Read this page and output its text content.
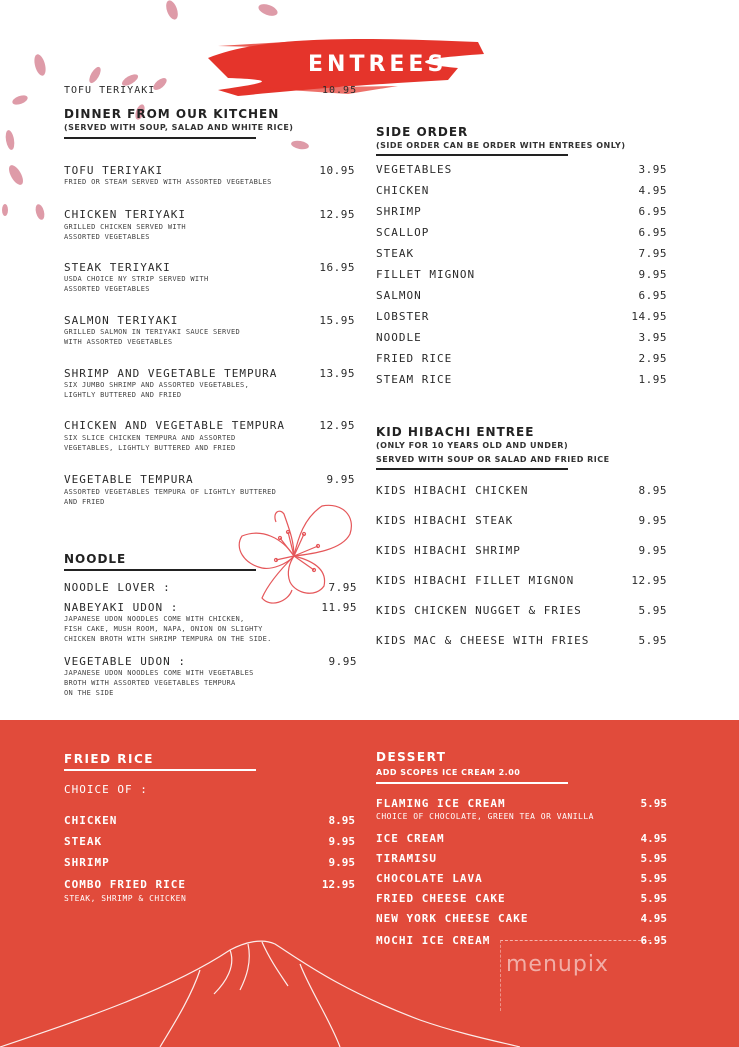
ENTREES
TOFU TERIYAKI	10.95
DINNER FROM OUR KITCHEN
(SERVED WITH SOUP, SALAD AND WHITE RICE)
TOFU TERIYAKI	10.95
FRIED OR STEAM SERVED WITH ASSORTED VEGETABLES
CHICKEN TERIYAKI	12.95
GRILLED CHICKEN SERVED WITH
ASSORTED VEGETABLES
STEAK TERIYAKI	16.95
USDA CHOICE NY STRIP SERVED WITH
ASSORTED VEGETABLES
SALMON TERIYAKI	15.95
GRILLED SALMON IN TERIYAKI SAUCE SERVED
WITH ASSORTED VEGETABLES
SHRIMP AND VEGETABLE TEMPURA	13.95
SIX JUMBO SHRIMP AND ASSORTED VEGETABLES,
LIGHTLY BUTTERED AND FRIED
CHICKEN AND VEGETABLE TEMPURA	12.95
SIX SLICE CHICKEN TEMPURA AND ASSORTED
VEGETABLES, LIGHTLY BUTTERED AND FRIED
VEGETABLE TEMPURA	9.95
ASSORTED VEGETABLES TEMPURA OF LIGHTLY BUTTERED
AND FRIED
NOODLE
NOODLE LOVER :	7.95
NABEYAKI UDON :	11.95
JAPANESE UDON NOODLES COME WITH CHICKEN,
FISH CAKE, MUSH ROOM, NAPA, ONION ON SLIGHTY
CHICKEN BROTH WITH SHRIMP TEMPURA ON THE SIDE.
VEGETABLE UDON :	9.95
JAPANESE UDON NOODLES COME WITH VEGETABLES
BROTH WITH ASSORTED VEGETABLES TEMPURA
ON THE SIDE
SIDE ORDER
(SIDE ORDER CAN BE ORDER WITH ENTREES ONLY)
VEGETABLES	3.95
CHICKEN	4.95
SHRIMP	6.95
SCALLOP	6.95
STEAK	7.95
FILLET MIGNON	9.95
SALMON	6.95
LOBSTER	14.95
NOODLE	3.95
FRIED RICE	2.95
STEAM RICE	1.95
KID HIBACHI ENTREE
(ONLY FOR 10 YEARS OLD AND UNDER)
SERVED WITH SOUP OR SALAD AND FRIED RICE
KIDS HIBACHI CHICKEN	8.95
KIDS HIBACHI STEAK	9.95
KIDS HIBACHI SHRIMP	9.95
KIDS HIBACHI FILLET MIGNON	12.95
KIDS CHICKEN NUGGET & FRIES	5.95
KIDS MAC & CHEESE WITH FRIES	5.95
FRIED RICE
CHOICE OF :
CHICKEN	8.95
STEAK	9.95
SHRIMP	9.95
COMBO FRIED RICE	12.95
STEAK, SHRIMP & CHICKEN
DESSERT
ADD SCOPES ICE CREAM 2.00
FLAMING ICE CREAM	5.95
CHOICE OF CHOCOLATE, GREEN TEA OR VANILLA
ICE CREAM	4.95
TIRAMISU	5.95
CHOCOLATE LAVA	5.95
FRIED CHEESE CAKE	5.95
NEW YORK CHEESE CAKE	4.95
MOCHI ICE CREAM	6.95
menupix
